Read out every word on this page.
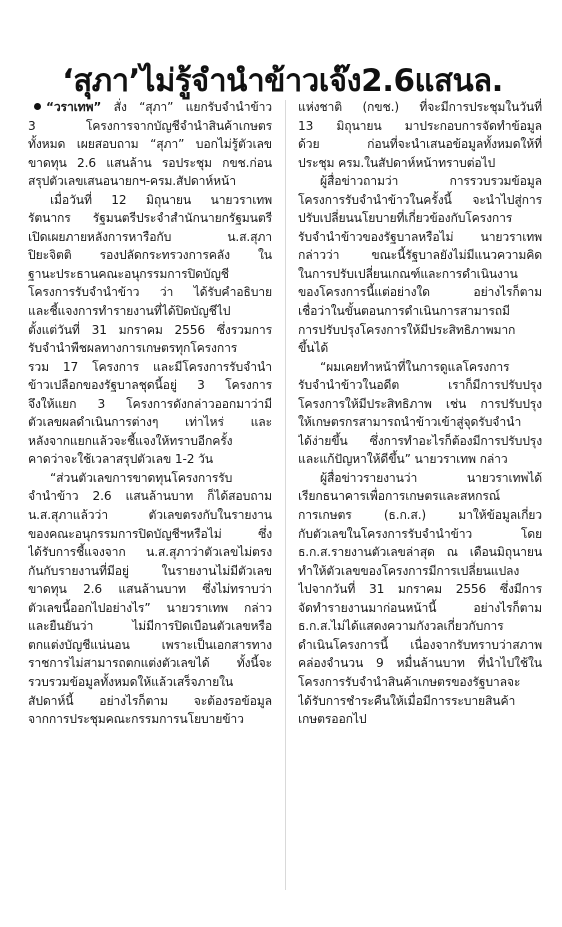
‘สุภา’ไม่รู้จำนำข้าวเจ๊ง2.6แสนล.
“วราเทพ” สั่ง “สุภา” แยกรับจำนำข้าว
3 โครงการจากบัญชีจำนำสินค้าเกษตร
ทั้งหมด เผยสอบถาม “สุภา” บอกไม่รู้ตัวเลข
ขาดทุน 2.6 แสนล้าน รอประชุม กขช.ก่อน
สรุปตัวเลขเสนอนายกฯ-ครม.สัปดาห์หน้า
เมื่อวันที่ 12 มิถุนายน นายวราเทพ
รัตนากร รัฐมนตรีประจำสำนักนายกรัฐมนตรี
เปิดเผยภายหลังการหารือกับ น.ส.สุภา
ปิยะจิตติ รองปลัดกระทรวงการคลัง ใน
ฐานะประธานคณะอนุกรรมการปิดบัญชี
โครงการรับจำนำข้าว ว่า ได้รับคำอธิบาย
และชี้แจงการทำรายงานที่ได้ปิดบัญชีไป
ตั้งแต่วันที่ 31 มกราคม 2556 ซึ่งรวมการ
รับจำนำพืชผลทางการเกษตรทุกโครงการ
รวม 17 โครงการ และมีโครงการรับจำนำ
ข้าวเปลือกของรัฐบาลชุดนี้อยู่ 3 โครงการ
จึงให้แยก 3 โครงการดังกล่าวออกมาว่ามี
ตัวเลขผลดำเนินการต่างๆ เท่าไหร่ และ
หลังจากแยกแล้วจะชี้แจงให้ทราบอีกครั้ง
คาดว่าจะใช้เวลาสรุปตัวเลข 1-2 วัน
“ส่วนตัวเลขการขาดทุนโครงการรับ
จำนำข้าว 2.6 แสนล้านบาท ก็ได้สอบถาม
น.ส.สุภาแล้วว่า ตัวเลขตรงกับในรายงาน
ของคณะอนุกรรมการปิดบัญชีฯหรือไม่ ซึ่ง
ได้รับการชี้แจงจาก น.ส.สุภาว่าตัวเลขไม่ตรง
กันกับรายงานที่มีอยู่ ในรายงานไม่มีตัวเลข
ขาดทุน 2.6 แสนล้านบาท ซึ่งไม่ทราบว่า
ตัวเลขนี้ออกไปอย่างไร” นายวราเทพ กล่าว
และยืนยันว่า ไม่มีการปิดเบือนตัวเลขหรือ
ตกแต่งบัญชีแน่นอน เพราะเป็นเอกสารทาง
ราชการไม่สามารถตกแต่งตัวเลขได้ ทั้งนี้จะ
รวบรวมข้อมูลทั้งหมดให้แล้วเสร็จภายใน
สัปดาห์นี้ อย่างไรก็ตาม จะต้องรอข้อมูล
จากการประชุมคณะกรรมการนโยบายข้าว
แห่งชาติ (กขช.) ที่จะมีการประชุมในวันที่
13 มิถุนายน มาประกอบการจัดทำข้อมูล
ด้วย ก่อนที่จะนำเสนอข้อมูลทั้งหมดให้ที่
ประชุม ครม.ในสัปดาห์หน้าทราบต่อไป
ผู้สื่อข่าวถามว่า การรวบรวมข้อมูล
โครงการรับจำนำข้าวในครั้งนี้ จะนำไปสู่การ
ปรับเปลี่ยนนโยบายที่เกี่ยวข้องกับโครงการ
รับจำนำข้าวของรัฐบาลหรือไม่ นายวราเทพ
กล่าวว่า ขณะนี้รัฐบาลยังไม่มีแนวความคิด
ในการปรับเปลี่ยนเกณฑ์และการดำเนินงาน
ของโครงการนี้แต่อย่างใด อย่างไรก็ตาม
เชื่อว่าในขั้นตอนการดำเนินการสามารถมี
การปรับปรุงโครงการให้มีประสิทธิภาพมาก
ขึ้นได้
“ผมเคยทำหน้าที่ในการดูแลโครงการ
รับจำนำข้าวในอดีต เราก็มีการปรับปรุง
โครงการให้มีประสิทธิภาพ เช่น การปรับปรุง
ให้เกษตรกรสามารถนำข้าวเข้าสู่จุดรับจำนำ
ได้ง่ายขึ้น ซึ่งการทำอะไรก็ต้องมีการปรับปรุง
และแก้ปัญหาให้ดีขึ้น” นายวราเทพ กล่าว
ผู้สื่อข่าวรายงานว่า นายวราเทพได้
เรียกธนาคารเพื่อการเกษตรและสหกรณ์
การเกษตร (ธ.ก.ส.) มาให้ข้อมูลเกี่ยว
กับตัวเลขในโครงการรับจำนำข้าว โดย
ธ.ก.ส.รายงานตัวเลขล่าสุด ณ เดือนมิถุนายน
ทำให้ตัวเลขของโครงการมีการเปลี่ยนแปลง
ไปจากวันที่ 31 มกราคม 2556 ซึ่งมีการ
จัดทำรายงานมาก่อนหน้านี้ อย่างไรก็ตาม
ธ.ก.ส.ไม่ได้แสดงความกังวลเกี่ยวกับการ
ดำเนินโครงการนี้ เนื่องจากรับทราบว่าสภาพ
คล่องจำนวน 9 หมื่นล้านบาท ที่นำไปใช้ใน
โครงการรับจำนำสินค้าเกษตรของรัฐบาลจะ
ได้รับการชำระคืนให้เมื่อมีการระบายสินค้า
เกษตรออกไป
